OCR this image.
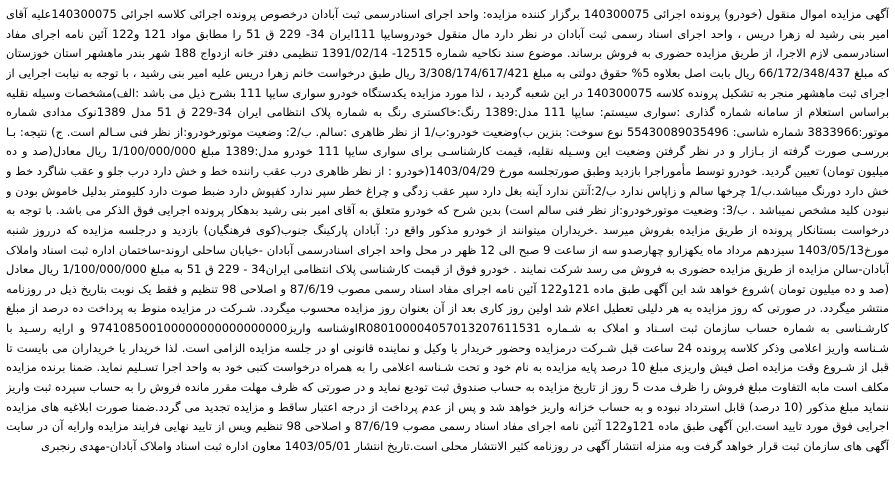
آگهی مزایده اموال منقول (خودرو) پرونده اجرائی 140300075 برگزار کننده مزایده: واحد اجرای اسنادرسمی ثبت آبادان درخصوص پرونده اجرائی کلاسه اجرائی 140300075علیه آقای امیر بنی رشید له زهرا دریس ، واحد اجرای اسناد رسمی ثبت آبادان در نظر دارد مال منقول خودروسایپا 111ایران 34- 229 ق 51 را مطابق مواد 121 و122 آئین نامه اجرای مفاد اسنادرسمی لازم الاجرا، از طریق مزایده حضوری به فروش برساند. موضوع سند نکاحیه شماره 12515- 1391/02/14 تنظیمی دفتر خانه ازدواج 188 شهر بندر ماهشهر استان خوزستان که مبلغ 66/172/348/437 ریال بابت اصل بعلاوه 5% حقوق دولتی به مبلغ 3/308/174/617/421 ریال طبق درخواست خانم زهرا دریس علیه امیر بنی رشید ، با توجه به نیابت اجرایی از اجرای ثبت ماهشهر منجر به تشکیل پرونده کلاسه 140300075 در این شعبه گردید ، لذا مورد مزایده یکدستگاه خودرو سواری سایپا 111 بشرح ذیل می باشد :الف)مشخصات وسیله نقلیه براساس استعلام از سامانه شماره گذاری :سواری سیستم: سایپا 111 مدل:1389 رنگ:خاکستری رنگ به شماره پلاک انتظامی ایران 34-229 ق 51 مدل 1389نوک مدادی شماره موتور:3833966 شماره شاسی: 55430089035496 نوع سوخت: بنزین ب)وضعیت خودرو:ب/1 از نظر ظاهری :سالم. ب/2: وضعیت موتورخودرو:از نظر فنی سـالم است. ج) نتیجه: بـا بررسـی صورت گرفته از بـازار و در نظر گرفتن وضعیت این وسـیله نقلیه، قیمت کارشناسـی برای سواری سایپا 111 خودرو مدل:1389 مبلغ 1/100/000/000 ریال معادل(صد و ده میلیون تومان) تعیین گردید. خودرو توسط مأموراجرا بازدید وطبق صورتجلسه مورخ 1403/04/29(خودرو : از نظر ظاهری درب عقب راننده خط و خش دارد درب جلو و عقب شاگرد خط و خش دارد دورنگ میباشد.ب/1 چرخها سالم و زاپاس ندارد ب/2:آنتن ندارد آینه بغل دارد سپر عقب زدگی و چراغ خطر سپر ندارد کفپوش دارد ضبط صوت دارد کلیومتر بدلیل خاموش بودن و نبودن کلید مشخص نمیباشد . ب/3: وضعیت موتورخودرو:از نظر فنی سالم است) بدین شرح که خودرو متعلق به آقای امیر بنی رشید بدهکار پرونده اجرایی فوق الذکر می باشد. با توجه به درخواست بستانکار پرونده از طریق مزایده بفروش میرسد .خریداران میتوانند از خودرو مذکور واقع در: آبادان پارکینگ جنوب(کوی فرهنگیان) بازدید و درجلسه مزایده که درروز شنبه مورخ1403/05/13 سیزدهم مرداد ماه یکهزارو چهارصدو سه از ساعت 9 صبح الی 12 ظهر در محل واحد اجرای اسنادرسمی آبادان -خیابان ساحلی اروند-ساختمان اداره ثبت اسناد واملاک آبادان-سالن مزایده از طریق مزایده حضوری به فروش می رسد شرکت نمایند . خودرو فوق از قیمت کارشناسی پلاک انتظامی ایران34 - 229 ق 51 به مبلغ 1/100/000/000 ریال معادل (صد و ده میلیون تومان )شروع خواهد شد این آگهی طبق ماده 121و122 آئین نامه اجرای مفاد اسناد رسمی مصوب 87/6/19 و اصلاحی 98 تنظیم و فقط یک نوبت بتاریخ ذیل در روزنامه منتشر میگردد. در صورتی که روز مزایده به هر دلیلی تعطیل اعلام شد اولین روز کاری بعد از آن بعنوان روز مزایده محسوب میگردد. شـرکت در مزایده منوط به پرداخت ده درصد از مبلغ کارشـناسی به شماره حساب سازمان ثبت اسـناد و املاک به شـماره IR080100004057013207611531وشناسه واریز974108500100000000000000000 و ارایه رسـید با شـناسه واریز اعلامی وذکر کلاسه پرونده 24 ساعت قبل شـرکت درمزایده وحضور خریدار یا وکیل و نماینده قانونی او در جلسه مزایده الزامی است. لذا خریدار یا خریداران می بایست تا قبل از شـروع وقت مزایده اصل فیش واریزی مبلغ 10 درصد پایه مزایده به نام خود و تحت شـناسه اعلامی را به همراه درخواست کتبی خود به واحد اجرا تسـلیم نماید. ضمنا برنده مزایده مکلف است مابه التفاوت مبلغ فروش را ظرف مدت 5 روز از تاریخ مزایده به حساب صندوق ثبت تودیع نماید و در صورتی که ظرف مهلت مقرر مانده فروش را به حساب سپرده ثبت واریز ننماید مبلغ مذکور (10 درصد) قابل استرداد نبوده و به حساب خزانه واریز خواهد شد و پس از عدم پرداخت از درجه اعتبار ساقط و مزایده تجدید می گردد.ضمنا صورت ابلاغیه های مزایده اجرایی فوق مورد تایید است.این آگهی طبق ماده 121و122 آئین نامه اجرای مفاد اسناد رسمی مصوب 87/6/19 و اصلاحی 98 تنظیم ویس از تایید نهایی فرایند مزایده وارایه آن در سایت آگهی های سازمان ثبت قرار خواهد گرفت وبه منزله انتشار آگهی در روزنامه کثیر الانتشار محلی است.تاریخ انتشار 1403/05/01 معاون اداره ثبت اسناد واملاک آبادان-مهدی رنجبری
